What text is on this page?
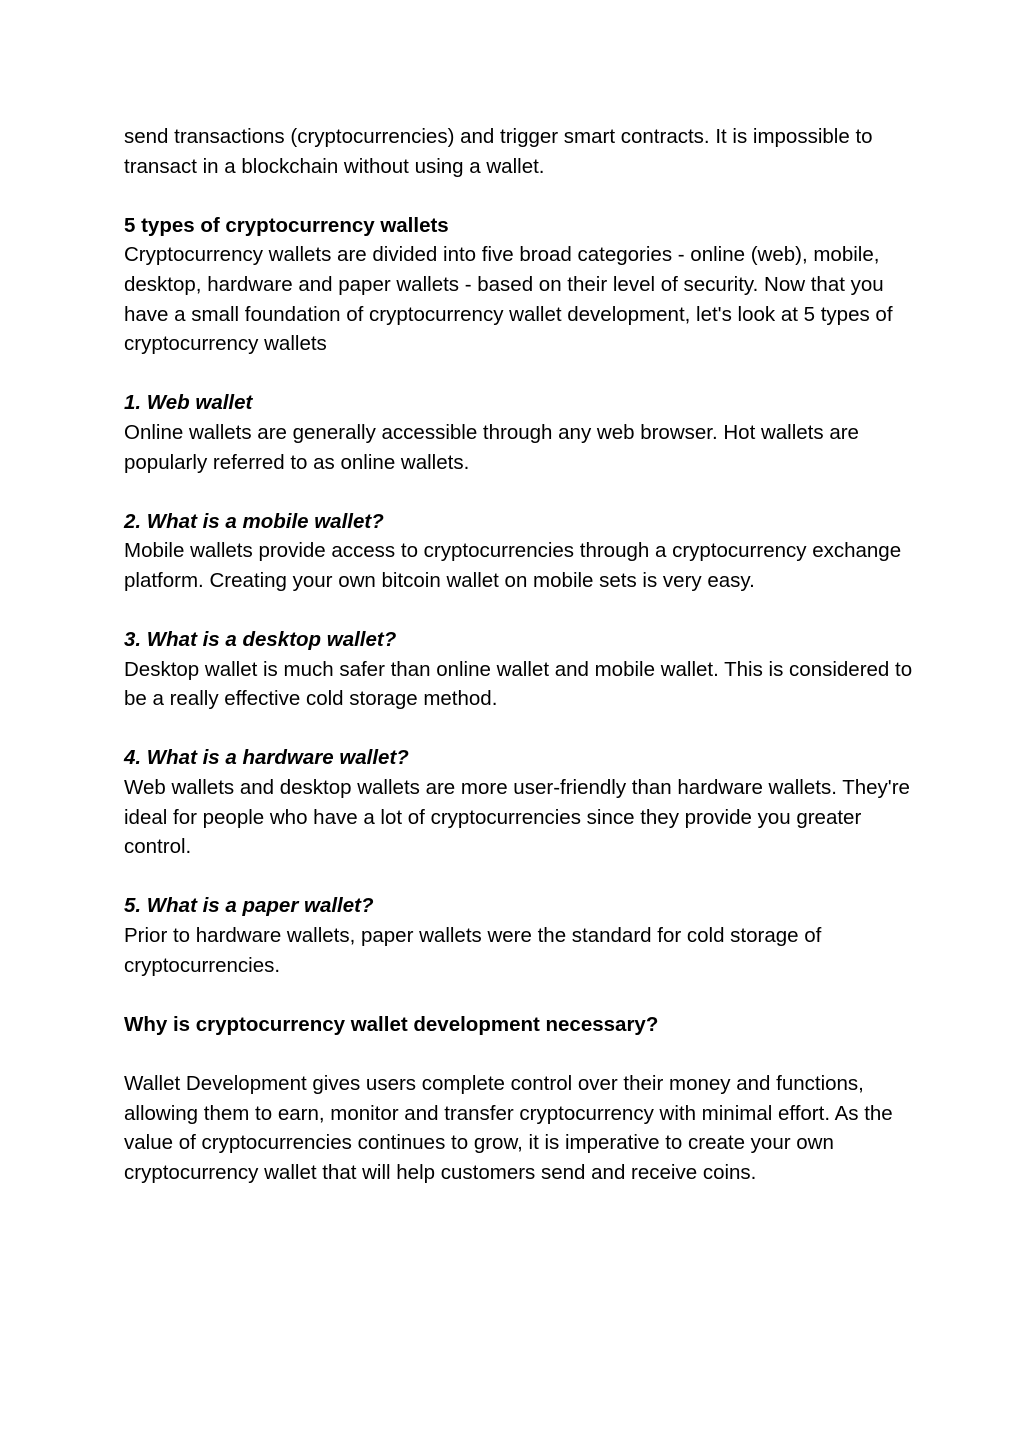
send transactions (cryptocurrencies) and trigger smart contracts. It is impossible to transact in a blockchain without using a wallet.

5 types of cryptocurrency wallets

Cryptocurrency wallets are divided into five broad categories - online (web), mobile, desktop, hardware and paper wallets - based on their level of security. Now that you have a small foundation of cryptocurrency wallet development, let's look at 5 types of cryptocurrency wallets

1. Web wallet

Online wallets are generally accessible through any web browser. Hot wallets are popularly referred to as online wallets.

2. What is a mobile wallet?

Mobile wallets provide access to cryptocurrencies through a cryptocurrency exchange platform. Creating your own bitcoin wallet on mobile sets is very easy.

3. What is a desktop wallet?

Desktop wallet is much safer than online wallet and mobile wallet. This is considered to be a really effective cold storage method.

4. What is a hardware wallet?

Web wallets and desktop wallets are more user-friendly than hardware wallets. They're ideal for people who have a lot of cryptocurrencies since they provide you greater control.

5. What is a paper wallet?

Prior to hardware wallets, paper wallets were the standard for cold storage of cryptocurrencies.

Why is cryptocurrency wallet development necessary?

Wallet Development gives users complete control over their money and functions, allowing them to earn, monitor and transfer cryptocurrency with minimal effort. As the value of cryptocurrencies continues to grow, it is imperative to create your own cryptocurrency wallet that will help customers send and receive coins.
